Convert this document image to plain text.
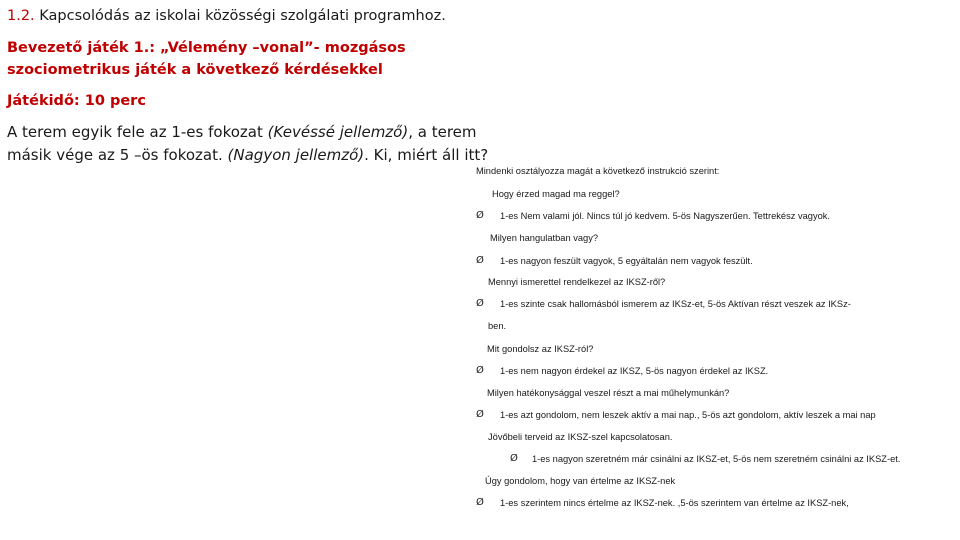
1.2. Kapcsolódás az iskolai közösségi szolgálati programhoz.
Bevezető játék 1.: „Vélemény –vonal”- mozgásos
szociometrikus játék a következő kérdésekkel
Játékidő: 10 perc
A terem egyik fele az 1-es fokozat (Kevéssé jellemző), a terem
másik vége az 5 –ös fokozat. (Nagyon jellemző). Ki, miért áll itt?
Mindenki osztályozza magát a következő instrukció szerint:
Hogy érzed magad ma reggel?
Ø 1-es Nem valami jól. Nincs túl jó kedvem. 5-ös Nagyszerűen. Tettrekész vagyok.
Milyen hangulatban vagy?
Ø 1-es nagyon feszült vagyok, 5 egyáltalán nem vagyok feszült.
Mennyi ismerettel rendelkezel az IKSZ-ről?
Ø 1-es szinte csak hallomásból ismerem az IKSz-et, 5-ös Aktívan részt veszek az IKSz-
ben.
Mit gondolsz az IKSZ-ról?
Ø 1-es nem nagyon érdekel az IKSZ, 5-ös nagyon érdekel az IKSZ.
Milyen hatékonysággal veszel részt a mai műhelymunkán?
Ø 1-es azt gondolom, nem leszek aktív a mai nap., 5-ös azt gondolom, aktív leszek a mai nap
Jövőbeli terveid az IKSZ-szel kapcsolatosan.
Ø 1-es nagyon szeretném már csinálni az IKSZ-et, 5-ös nem szeretném csinálni az IKSZ-et.
Úgy gondolom, hogy van értelme az IKSZ-nek
Ø 1-es szerintem nincs értelme az IKSZ-nek. ,5-ös szerintem van értelme az IKSZ-nek,
